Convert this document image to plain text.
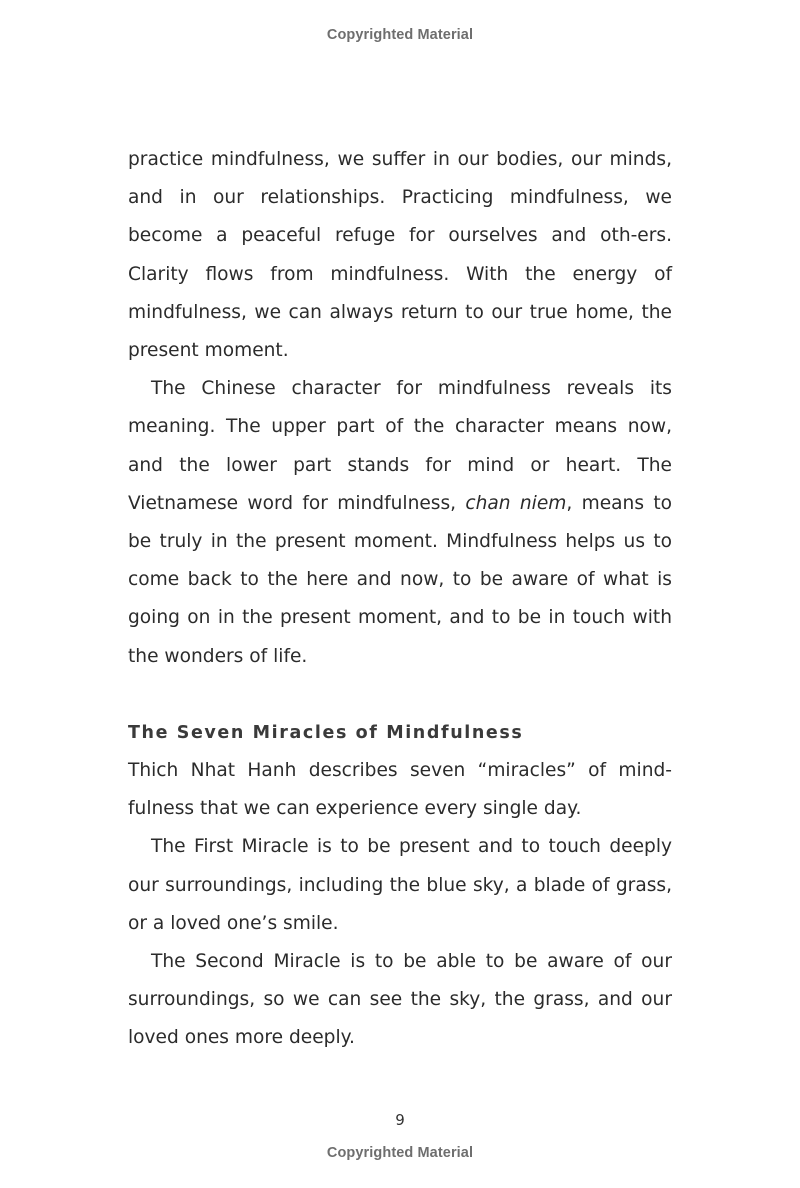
Copyrighted Material

practice mindfulness, we suffer in our bodies, our minds, and in our relationships. Practicing mindfulness, we become a peaceful refuge for ourselves and oth-ers. Clarity flows from mindfulness. With the energy of mindfulness, we can always return to our true home, the present moment.

The Chinese character for mindfulness reveals its meaning. The upper part of the character means now, and the lower part stands for mind or heart. The Vietnamese word for mindfulness, chan niem, means to be truly in the present moment. Mindfulness helps us to come back to the here and now, to be aware of what is going on in the present moment, and to be in touch with the wonders of life.

The Seven Miracles of Mindfulness

Thich Nhat Hanh describes seven “miracles” of mind-fulness that we can experience every single day.

The First Miracle is to be present and to touch deeply our surroundings, including the blue sky, a blade of grass, or a loved one’s smile.

The Second Miracle is to be able to be aware of our surroundings, so we can see the sky, the grass, and our loved ones more deeply.

9
Copyrighted Material
